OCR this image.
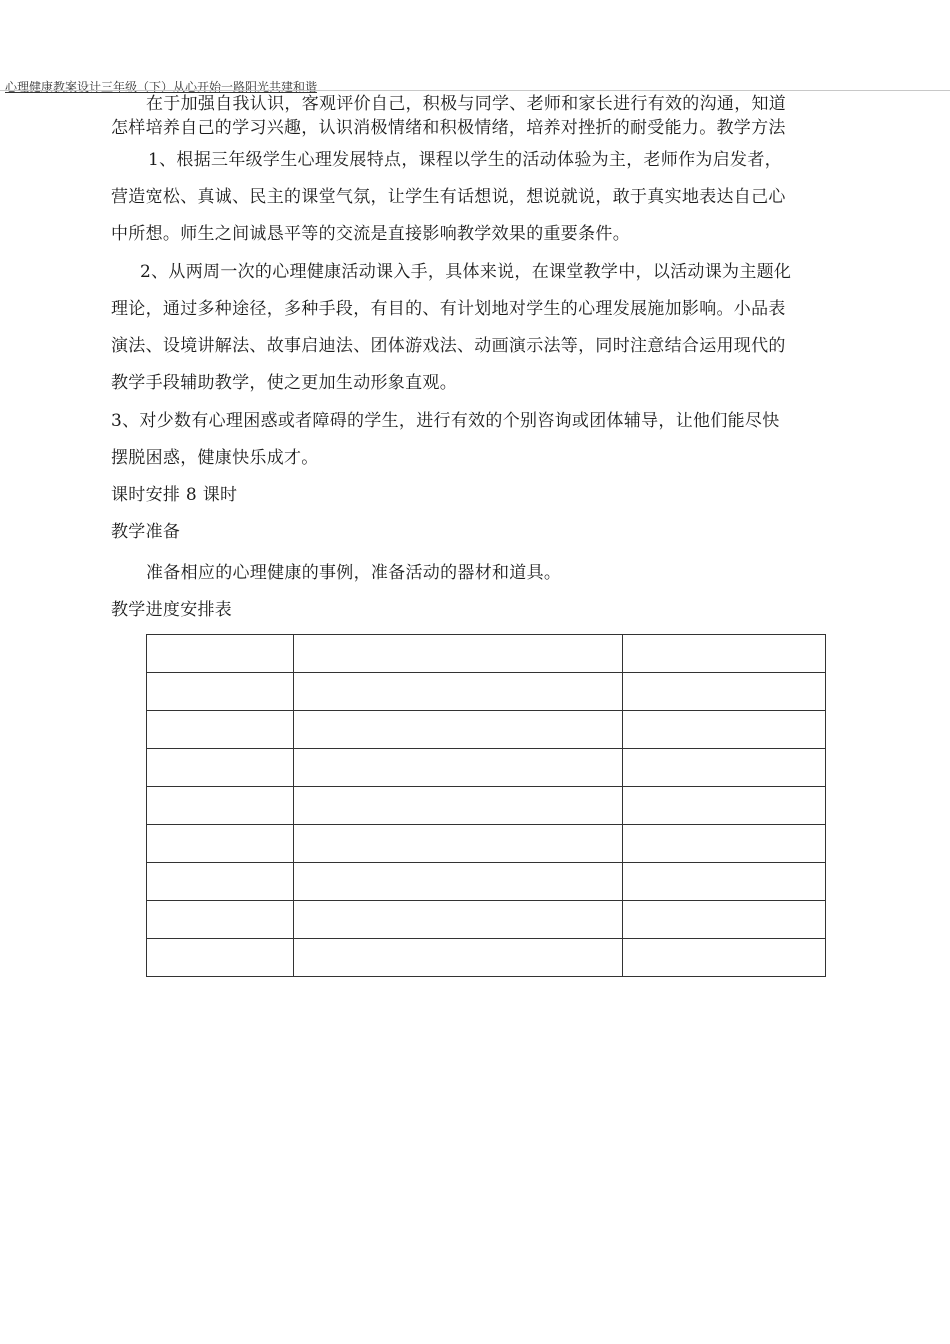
心理健康教案设计三年级（下）从心开始一路阳光共建和谐
在于加强自我认识，客观评价自己，积极与同学、老师和家长进行有效的沟通，知道
怎样培养自己的学习兴趣，认识消极情绪和积极情绪，培养对挫折的耐受能力。教学方法
1、根据三年级学生心理发展特点，课程以学生的活动体验为主，老师作为启发者，
营造宽松、真诚、民主的课堂气氛，让学生有话想说，想说就说，敢于真实地表达自己心
中所想。师生之间诚恳平等的交流是直接影响教学效果的重要条件。
2、从两周一次的心理健康活动课入手，具体来说，在课堂教学中，以活动课为主题化
理论，通过多种途径，多种手段，有目的、有计划地对学生的心理发展施加影响。小品表
演法、设境讲解法、故事启迪法、团体游戏法、动画演示法等，同时注意结合运用现代的
教学手段辅助教学，使之更加生动形象直观。
3、对少数有心理困惑或者障碍的学生，进行有效的个别咨询或团体辅导，让他们能尽快
摆脱困惑，健康快乐成才。
课时安排 8 课时
教学准备
准备相应的心理健康的事例，准备活动的器材和道具。
教学进度安排表
